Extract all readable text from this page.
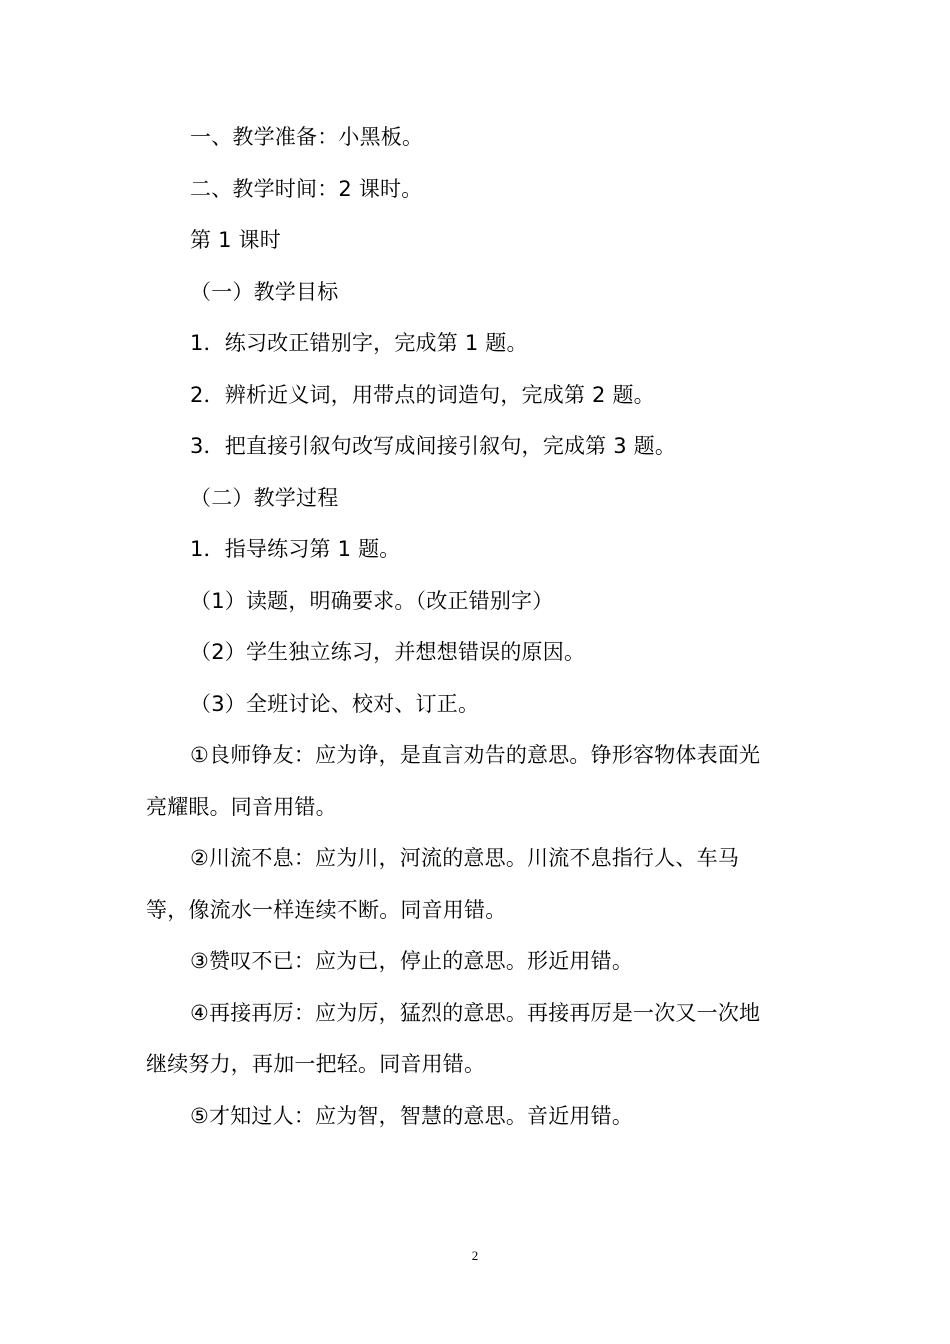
一、教学准备：小黑板。
二、教学时间：2 课时。
第 1 课时
（一）教学目标
1．练习改正错别字，完成第 1 题。
2．辨析近义词，用带点的词造句，完成第 2 题。
3．把直接引叙句改写成间接引叙句，完成第 3 题。
（二）教学过程
1．指导练习第 1 题。
（1）读题，明确要求。（改正错别字）
（2）学生独立练习，并想想错误的原因。
（3）全班讨论、校对、订正。
①良师铮友：应为诤，是直言劝告的意思。铮形容物体表面光
亮耀眼。同音用错。
②川流不息：应为川，河流的意思。川流不息指行人、车马
等，像流水一样连续不断。同音用错。
③赞叹不已：应为已，停止的意思。形近用错。
④再接再厉：应为厉，猛烈的意思。再接再厉是一次又一次地
继续努力，再加一把轻。同音用错。
⑤才知过人：应为智，智慧的意思。音近用错。
2
